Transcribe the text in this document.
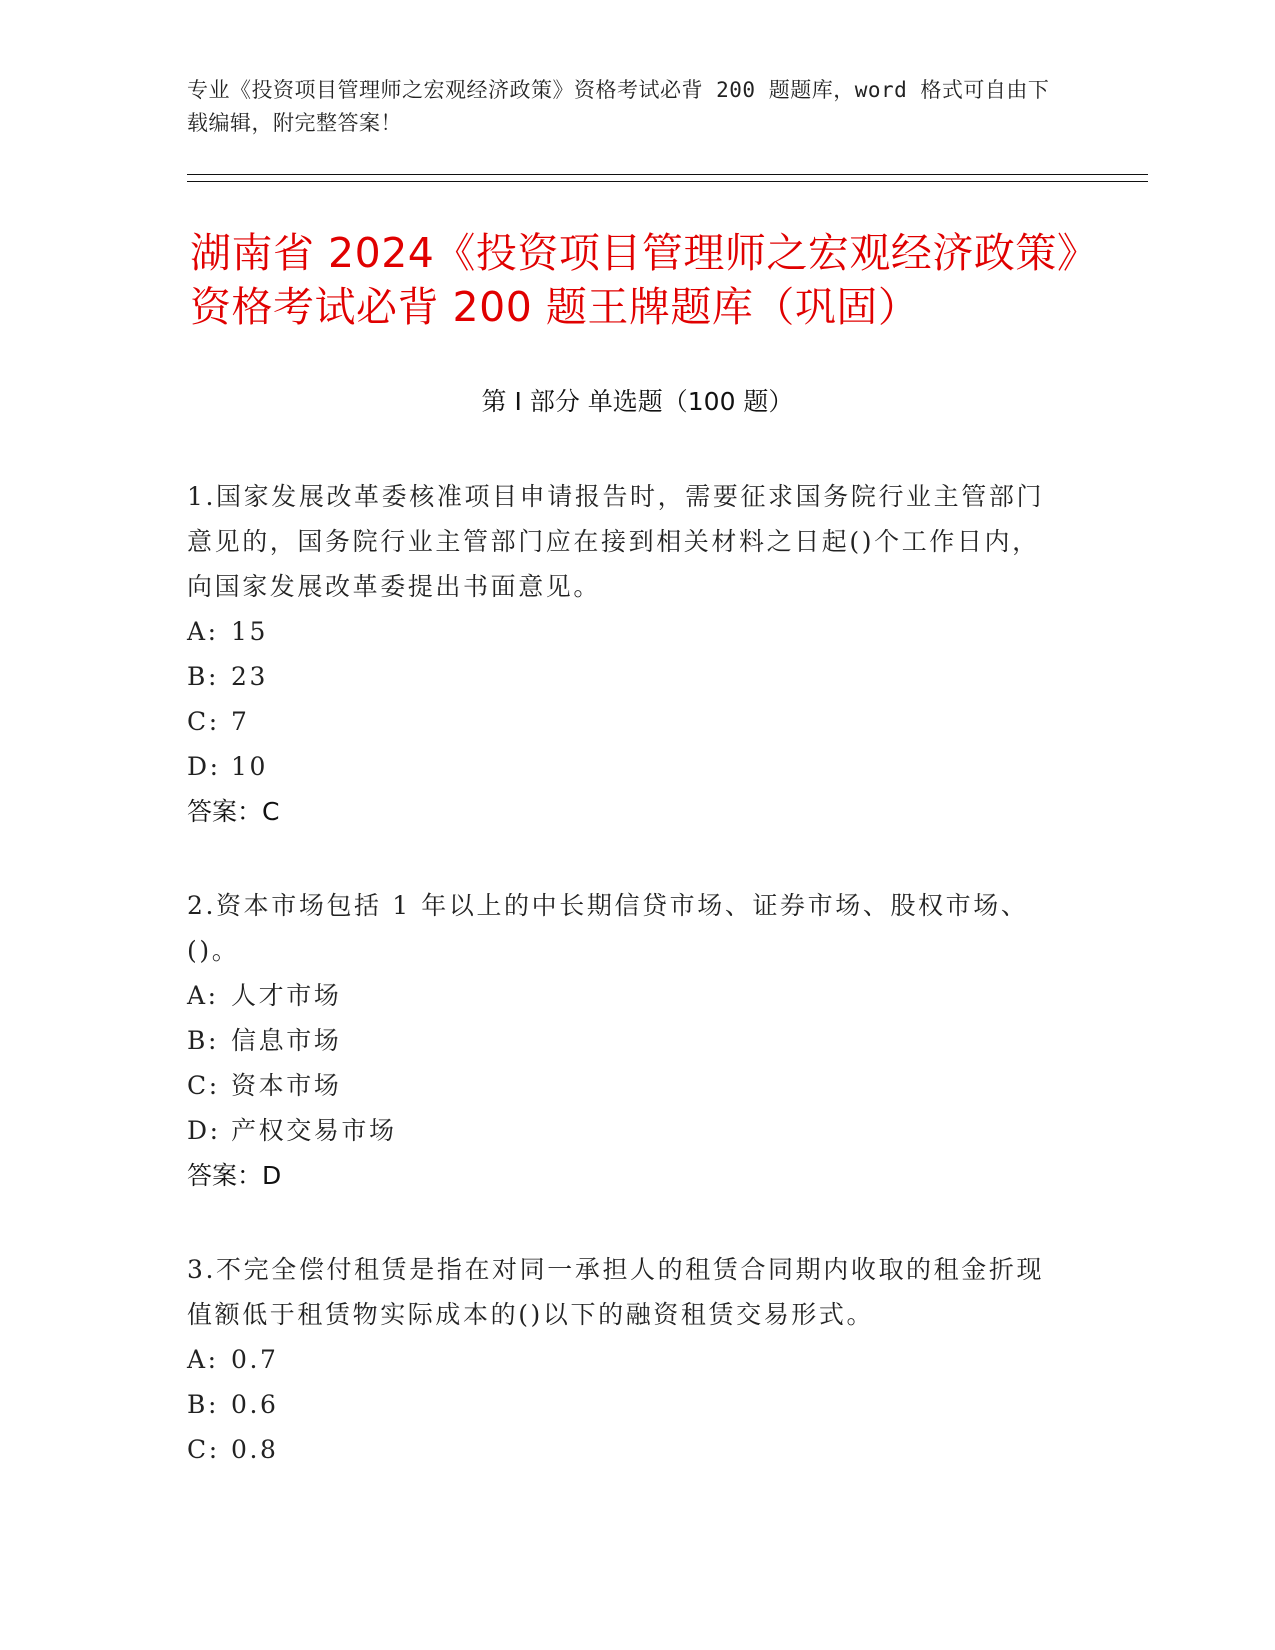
专业《投资项目管理师之宏观经济政策》资格考试必背 200 题题库，word 格式可自由下载编辑，附完整答案！
湖南省 2024《投资项目管理师之宏观经济政策》资格考试必背 200 题王牌题库（巩固）
第 I 部分 单选题（100 题）

1.国家发展改革委核准项目申请报告时，需要征求国务院行业主管部门意见的，国务院行业主管部门应在接到相关材料之日起()个工作日内，向国家发展改革委提出书面意见。

A: 15
B: 23
C: 7
D: 10
答案：C

2.资本市场包括 1 年以上的中长期信贷市场、证券市场、股权市场、()。

A: 人才市场
B: 信息市场
C: 资本市场
D: 产权交易市场
答案：D

3.不完全偿付租赁是指在对同一承担人的租赁合同期内收取的租金折现值额低于租赁物实际成本的()以下的融资租赁交易形式。

A: 0.7
B: 0.6
C: 0.8
